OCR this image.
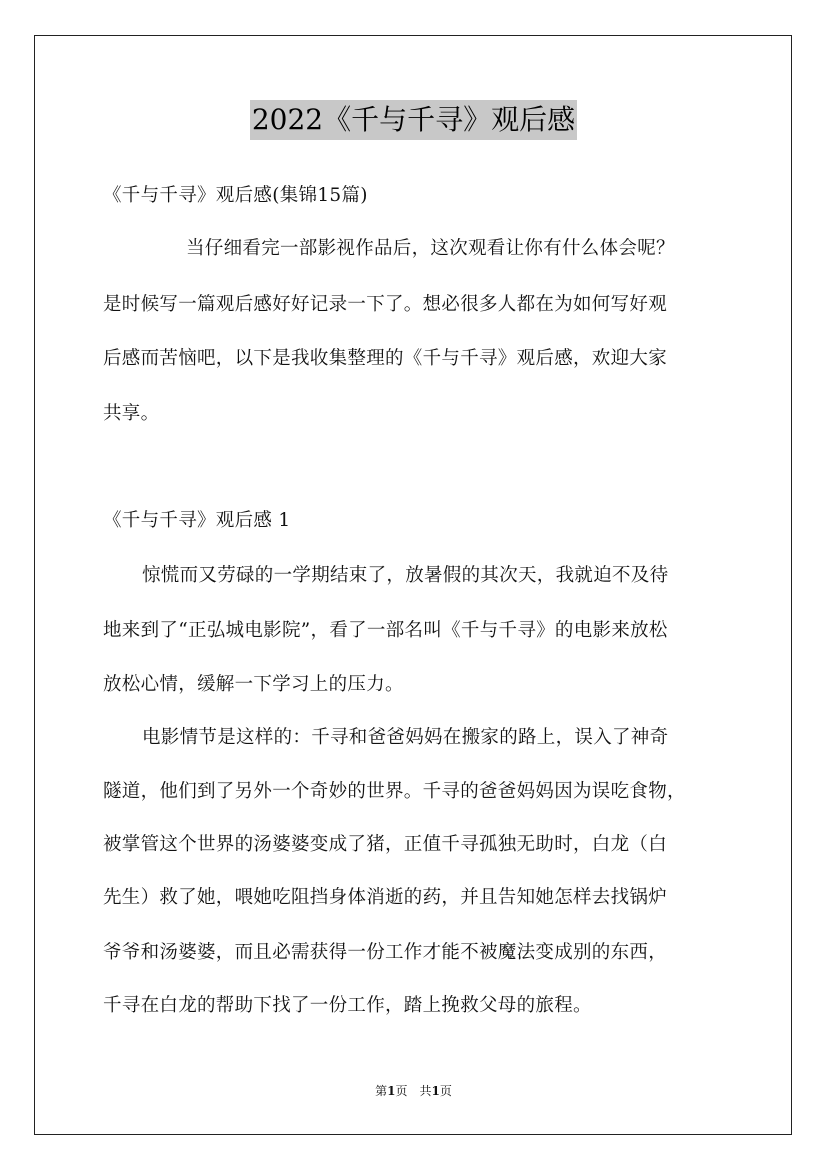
2022《千与千寻》观后感
《千与千寻》观后感(集锦15篇)
当仔细看完一部影视作品后，这次观看让你有什么体会呢？
是时候写一篇观后感好好记录一下了。想必很多人都在为如何写好观
后感而苦恼吧，以下是我收集整理的《千与千寻》观后感，欢迎大家
共享。
《千与千寻》观后感 1
惊慌而又劳碌的一学期结束了，放暑假的其次天，我就迫不及待
地来到了“正弘城电影院”，看了一部名叫《千与千寻》的电影来放松
放松心情，缓解一下学习上的压力。
电影情节是这样的：千寻和爸爸妈妈在搬家的路上，误入了神奇
隧道，他们到了另外一个奇妙的世界。千寻的爸爸妈妈因为误吃食物，
被掌管这个世界的汤婆婆变成了猪，正值千寻孤独无助时，白龙（白
先生）救了她，喂她吃阻挡身体消逝的药，并且告知她怎样去找锅炉
爷爷和汤婆婆，而且必需获得一份工作才能不被魔法变成别的东西，
千寻在白龙的帮助下找了一份工作，踏上挽救父母的旅程。
第1页　共1页
